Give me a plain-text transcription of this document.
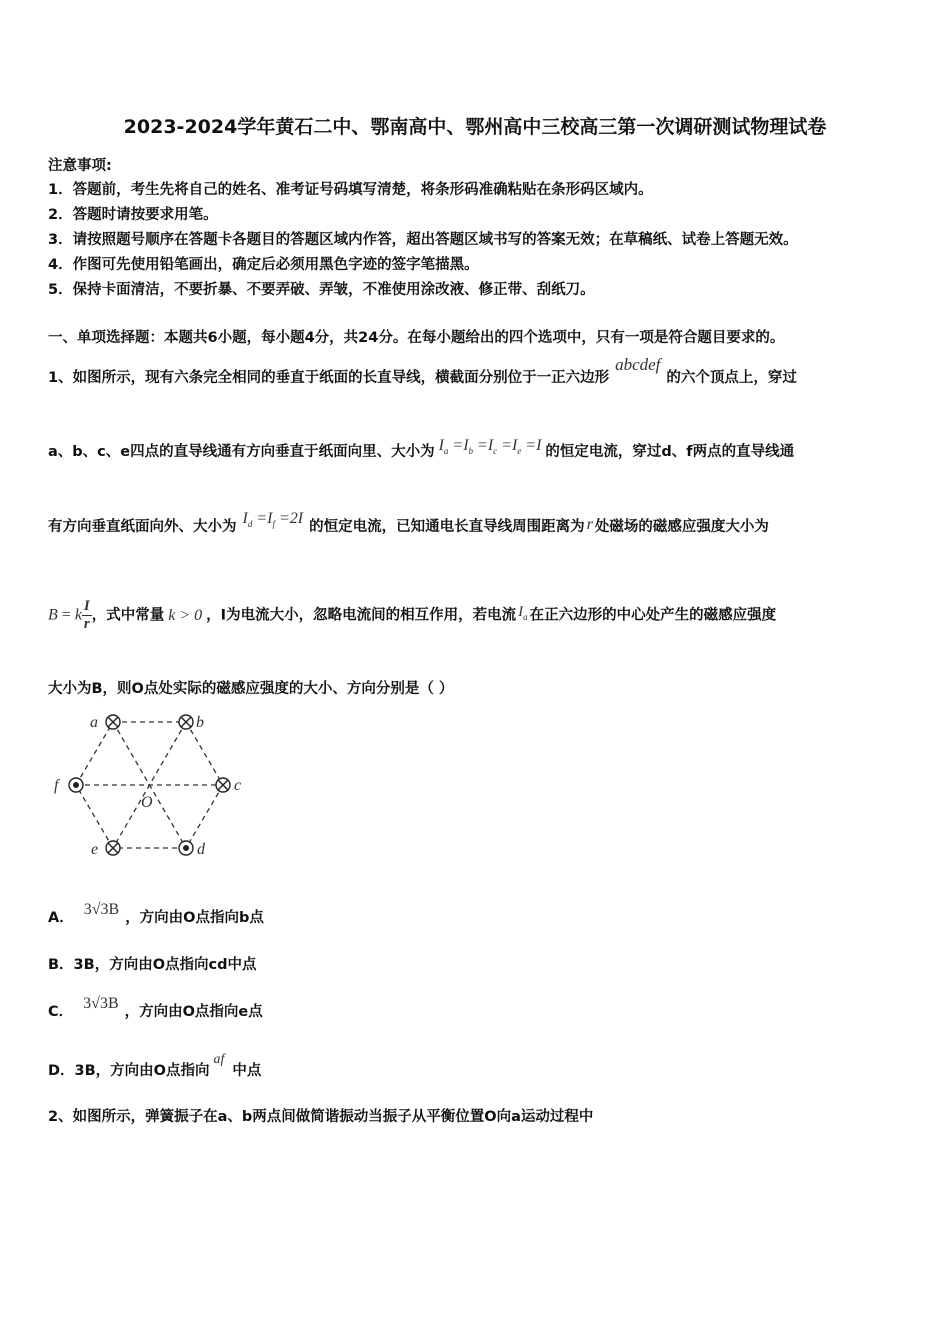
2023-2024学年黄石二中、鄂南高中、鄂州高中三校高三第一次调研测试物理试卷
注意事项:
1．答题前，考生先将自己的姓名、准考证号码填写清楚，将条形码准确粘贴在条形码区域内。
2．答题时请按要求用笔。
3．请按照题号顺序在答题卡各题目的答题区域内作答，超出答题区域书写的答案无效；在草稿纸、试卷上答题无效。
4．作图可先使用铅笔画出，确定后必须用黑色字迹的签字笔描黑。
5．保持卡面清洁，不要折暴、不要弄破、弄皱，不准使用涂改液、修正带、刮纸刀。
一、单项选择题：本题共6小题，每小题4分，共24分。在每小题给出的四个选项中，只有一项是符合题目要求的。
1、如图所示，现有六条完全相同的垂直于纸面的长直导线，横截面分别位于一正六边形abcdef的六个顶点上，穿过
a、b、c、e四点的直导线通有方向垂直于纸面向里、大小为 $I_a =I_b =I_c =I_e =I$ 的恒定电流，穿过d、f两点的直导线通
有方向垂直纸面向外、大小为 $I_d =I_f =2I$ 的恒定电流，已知通电长直导线周围距离为 r 处磁场的磁感应强度大小为
B = k $\frac{I}{r}$ ，式中常量 k > 0 ，I为电流大小，忽略电流间的相互作用，若电流 $I_a$ 在正六边形的中心处产生的磁感应强度
大小为B，则O点处实际的磁感应强度的大小、方向分别是（ ）
a	b
c
d
e
f
O
A． 3√3B ，方向由O点指向b点
B．3B，方向由O点指向cd中点
C． 3√3B ，方向由O点指向e点
D．3B，方向由O点指向af中点
2、如图所示，弹簧振子在a、b两点间做简谐振动当振子从平衡位置O向a运动过程中
